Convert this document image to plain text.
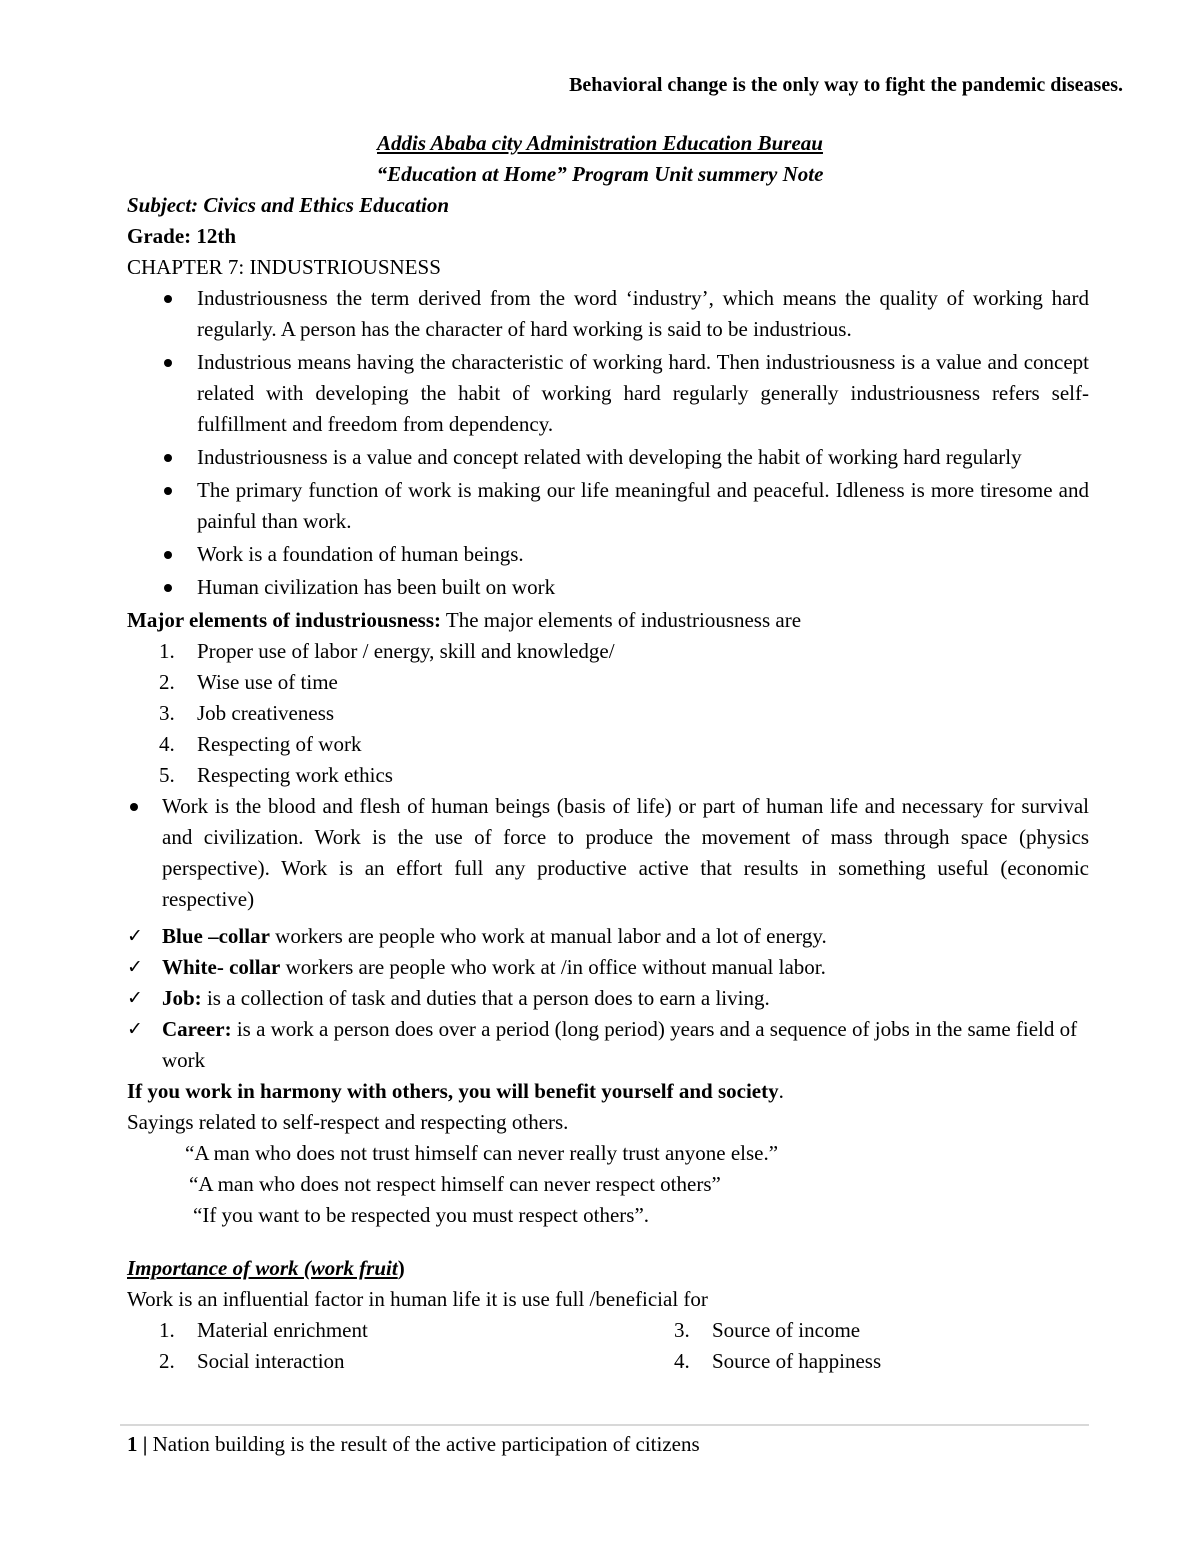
Behavioral change is the only way to fight the pandemic diseases.
Addis Ababa city Administration Education Bureau
“Education at Home” Program Unit summery Note

Subject: Civics and Ethics Education

Grade: 12th

CHAPTER 7: INDUSTRIOUSNESS

Industriousness the term derived from the word ‘industry’, which means the quality of working hard regularly. A person has the character of hard working is said to be industrious.
Industrious means having the characteristic of working hard. Then industriousness is a value and concept related with developing the habit of working hard regularly generally industriousness refers self-fulfillment and freedom from dependency.
Industriousness is a value and concept related with developing the habit of working hard regularly
The primary function of work is making our life meaningful and peaceful. Idleness is more tiresome and painful than work.
Work is a foundation of human beings.
Human civilization has been built on work

Major elements of industriousness: The major elements of industriousness are

1. Proper use of labor / energy, skill and knowledge/
2. Wise use of time
3. Job creativeness
4. Respecting of work
5. Respecting work ethics
Work is the blood and flesh of human beings (basis of life) or part of human life and necessary for survival and civilization. Work is the use of force to produce the movement of mass through space (physics perspective). Work is an effort full any productive active that results in something useful (economic respective)
✓ Blue –collar workers are people who work at manual labor and a lot of energy.
✓ White- collar workers are people who work at /in office without manual labor.
✓ Job: is a collection of task and duties that a person does to earn a living.
✓ Career: is a work a person does over a period (long period) years and a sequence of jobs in the same field of work

If you work in harmony with others, you will benefit yourself and society.

Sayings related to self-respect and respecting others.

“A man who does not trust himself can never really trust anyone else.”

“A man who does not respect himself can never respect others”

“If you want to be respected you must respect others”.

Importance of work (work fruit)

Work is an influential factor in human life it is use full /beneficial for

1. Material enrichment
2. Social interaction
3. Source of income
4. Source of happiness
1 | Nation building is the result of the active participation of citizens
